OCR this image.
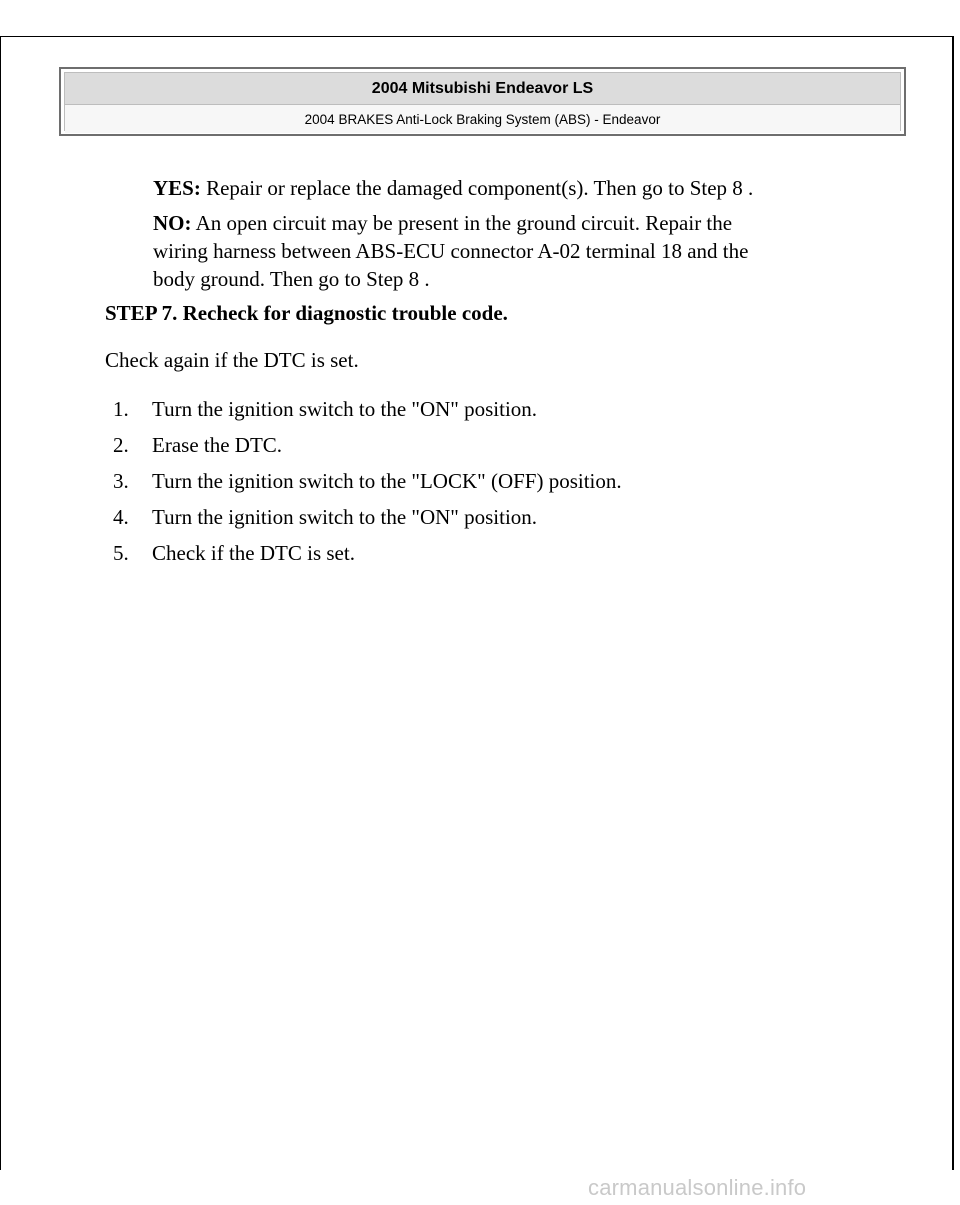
2004 Mitsubishi Endeavor LS
2004 BRAKES Anti-Lock Braking System (ABS) - Endeavor
YES: Repair or replace the damaged component(s). Then go to Step 8 .
NO: An open circuit may be present in the ground circuit. Repair the
wiring harness between ABS-ECU connector A-02 terminal 18 and the
body ground. Then go to Step 8 .
STEP 7. Recheck for diagnostic trouble code.
Check again if the DTC is set.
1. Turn the ignition switch to the "ON" position.
2. Erase the DTC.
3. Turn the ignition switch to the "LOCK" (OFF) position.
4. Turn the ignition switch to the "ON" position.
5. Check if the DTC is set.
carmanualsonline.info
